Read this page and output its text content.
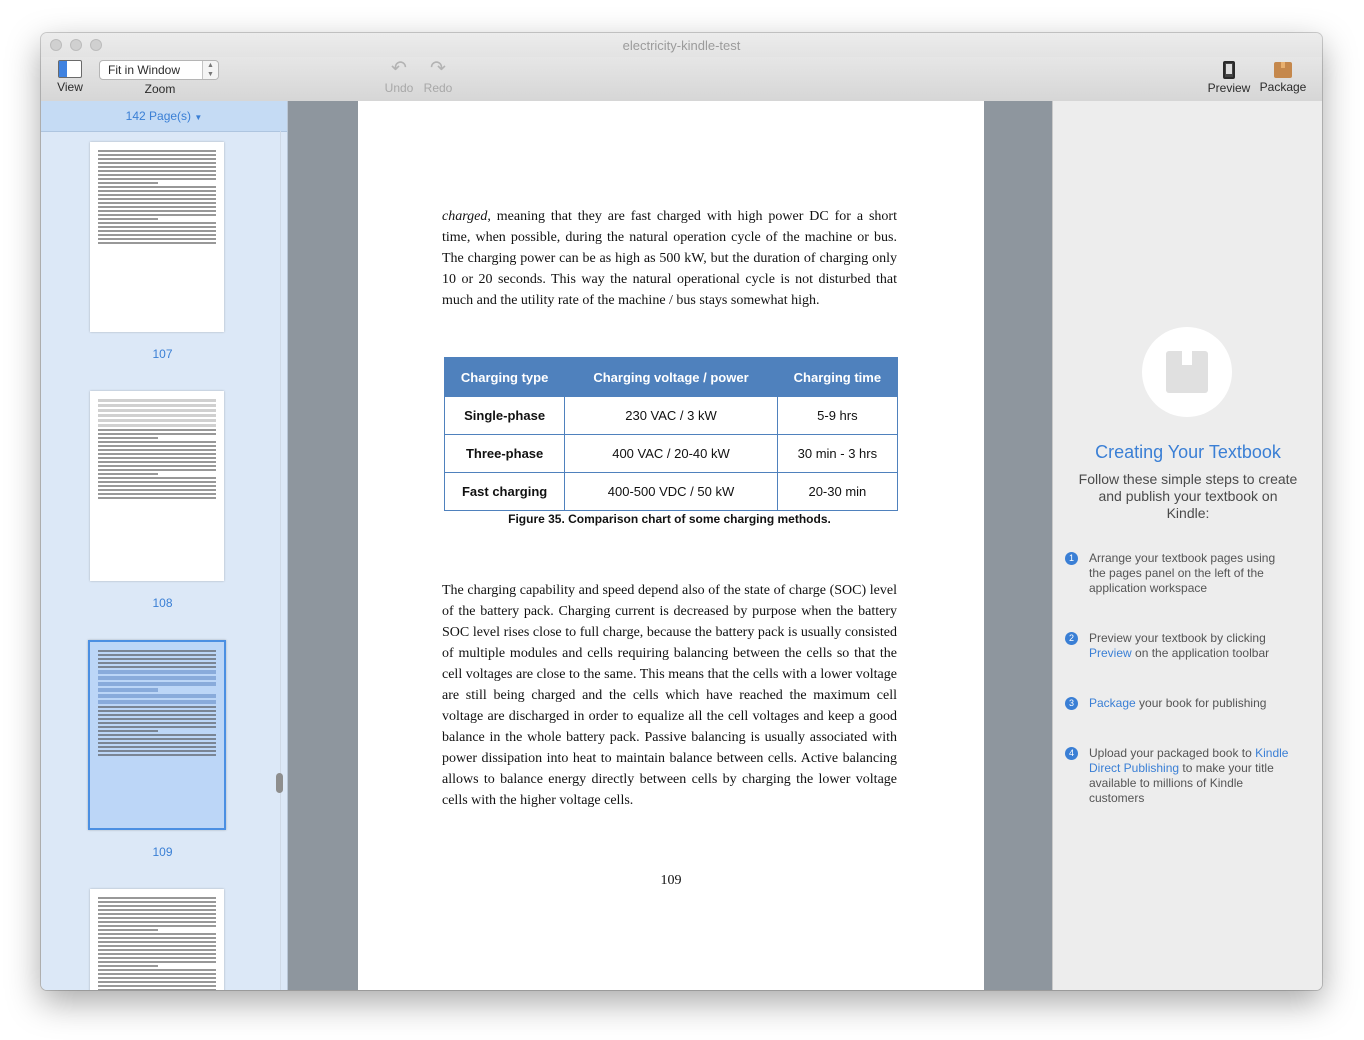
electricity-kindle-test
View
Fit in Window	▲
▼
Zoom
↶
Undo
↷
Redo	Preview Package
142 Page(s) ▼
107
108
109
charged, meaning that they are fast charged with high power DC for a short time, when possible, during the natural operation cycle of the machine or bus. The charging power can be as high as 500 kW, but the duration of charging only 10 or 20 seconds. This way the natural operational cycle is not disturbed that much and the utility rate of the machine / bus stays somewhat high.
Charging type	Charging voltage / power	Charging time
Single-phase	230 VAC / 3 kW	5-9 hrs
Three-phase	400 VAC / 20-40 kW	30 min - 3 hrs
Fast charging	400-500 VDC / 50 kW	20-30 min
Figure 35. Comparison chart of some charging methods.
The charging capability and speed depend also of the state of charge (SOC) level of the battery pack. Charging current is decreased by purpose when the battery SOC level rises close to full charge, because the battery pack is usually consisted of multiple modules and cells requiring balancing between the cells so that the cell voltages are close to the same. This means that the cells with a lower voltage are still being charged and the cells which have reached the maximum cell voltage are discharged in order to equalize all the cell voltages and keep a good balance in the whole battery pack. Passive balancing is usually associated with power dissipation into heat to maintain balance between cells. Active balancing allows to balance energy directly between cells by charging the lower voltage cells with the higher voltage cells.
109
Creating Your Textbook
Follow these simple steps to create and publish your textbook on Kindle:
1	Arrange your textbook pages using the pages panel on the left of the application workspace
2	Preview your textbook by clicking Preview on the application toolbar
3	Package your book for publishing
4	Upload your packaged book to Kindle Direct Publishing to make your title available to millions of Kindle customers
